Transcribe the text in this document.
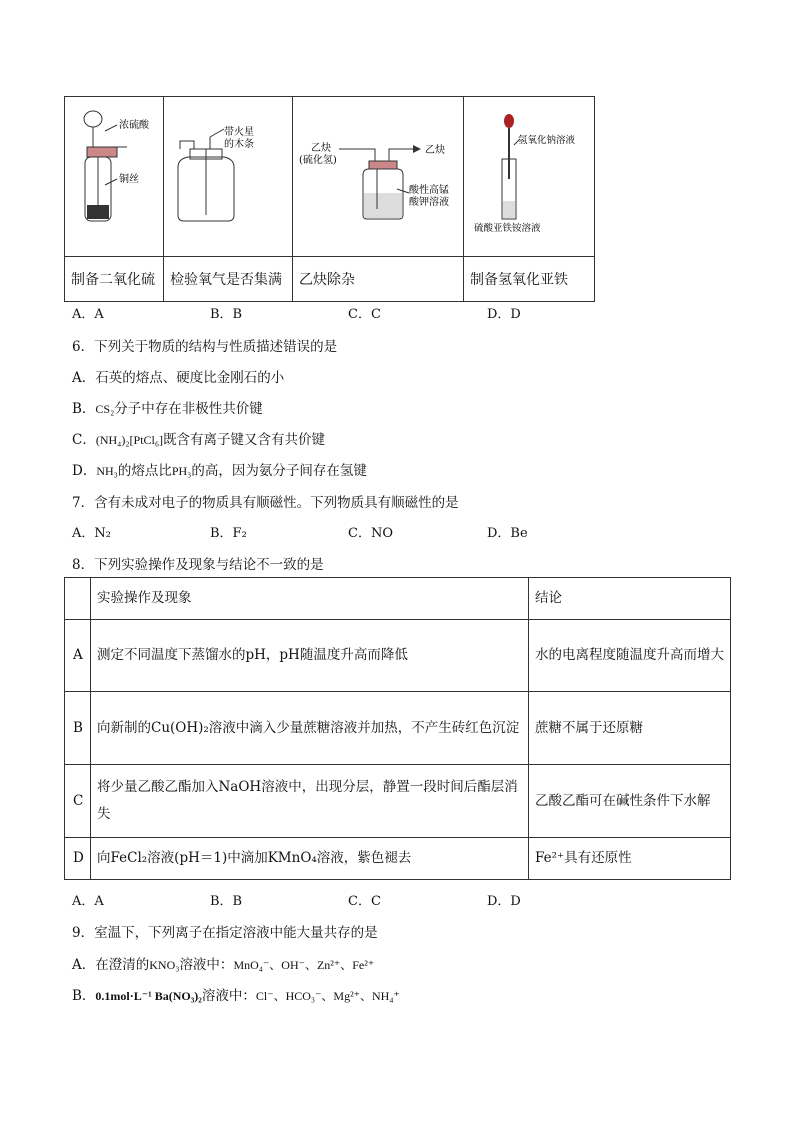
浓硫酸
铜丝	带火星
的木条	乙炔
(硫化氢)
乙炔
酸性高锰
酸钾溶液	氢氧化钠溶液
硫酸亚铁铵溶液

制备二氧化硫	检验氧气是否集满	乙炔除杂	制备氢氧化亚铁
A．A	B．B	C．C	D．D
6．下列关于物质的结构与性质描述错误的是
A．石英的熔点、硬度比金刚石的小
B．CS₂分子中存在非极性共价键
C．(NH₄)₂[PtCl₆]既含有离子键又含有共价键
D．NH₃的熔点比PH₃的高，因为氨分子间存在氢键
7．含有未成对电子的物质具有顺磁性。下列物质具有顺磁性的是
A．N₂	B．F₂	C．NO	D．Be
8．下列实验操作及现象与结论不一致的是
	实验操作及现象	结论
A	测定不同温度下蒸馏水的pH，pH随温度升高而降低	水的电离程度随温度升高而增大
B	向新制的Cu(OH)₂溶液中滴入少量蔗糖溶液并加热，不产生砖红色沉淀	蔗糖不属于还原糖
C	将少量乙酸乙酯加入NaOH溶液中，出现分层，静置一段时间后酯层消失	乙酸乙酯可在碱性条件下水解
D	向FeCl₂溶液(pH＝1)中滴加KMnO₄溶液，紫色褪去	Fe²⁺具有还原性
A．A	B．B	C．C	D．D
9．室温下，下列离子在指定溶液中能大量共存的是
A．在澄清的KNO₃溶液中：MnO₄⁻、OH⁻、Zn²⁺、Fe²⁺
B．0.1mol·L⁻¹ Ba(NO₃)₂溶液中：Cl⁻、HCO₃⁻、Mg²⁺、NH₄⁺
